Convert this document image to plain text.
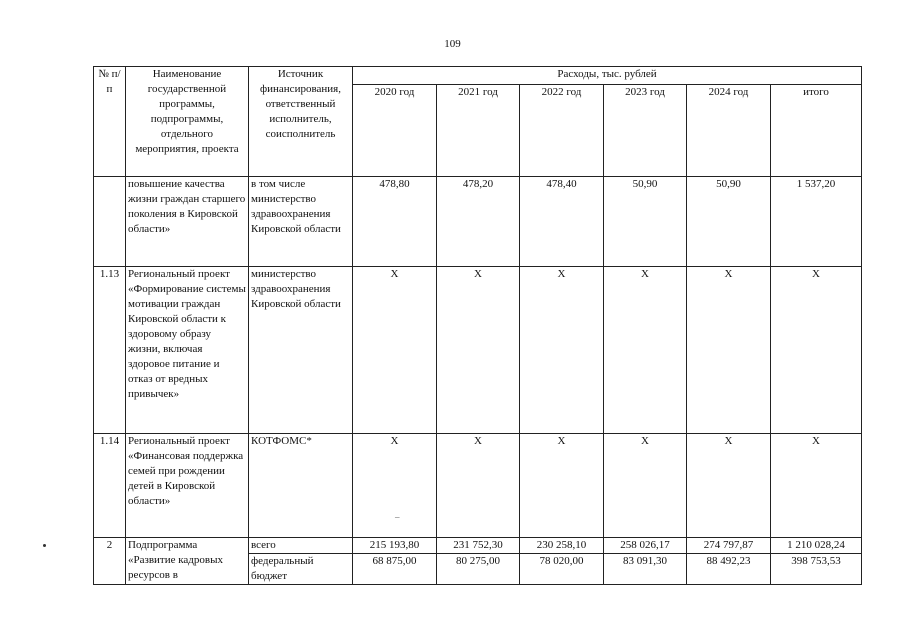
109
№ п/п	Наименование государственной программы, подпрограммы, отдельного мероприятия, проекта	Источник финансирования, ответственный исполнитель, соисполнитель	Расходы, тыс. рублей					
			2020 год	2021 год	2022 год	2023 год	2024 год	итого
	повышение качества жизни граждан старшего поколения в Кировской области»	в том числе министерство здравоохранения Кировской области	478,80	478,20	478,40	50,90	50,90	1 537,20
1.13	Региональный проект «Формирование системы мотивации граждан Кировской области к здоровому образу жизни, включая здоровое питание и отказ от вредных привычек»	министерство здравоохранения Кировской области	X	X	X	X	X	X
1.14	Региональный проект «Финансовая поддержка семей при рождении детей в Кировской области»	КОТФОМС*	X	X	X	X	X	X
2	Подпрограмма «Развитие кадровых ресурсов в	всего	215 193,80	231 752,30	230 258,10	258 026,17	274 797,87	1 210 028,24
		федеральный бюджет	68 875,00	80 275,00	78 020,00	83 091,30	88 492,23	398 753,53
–
